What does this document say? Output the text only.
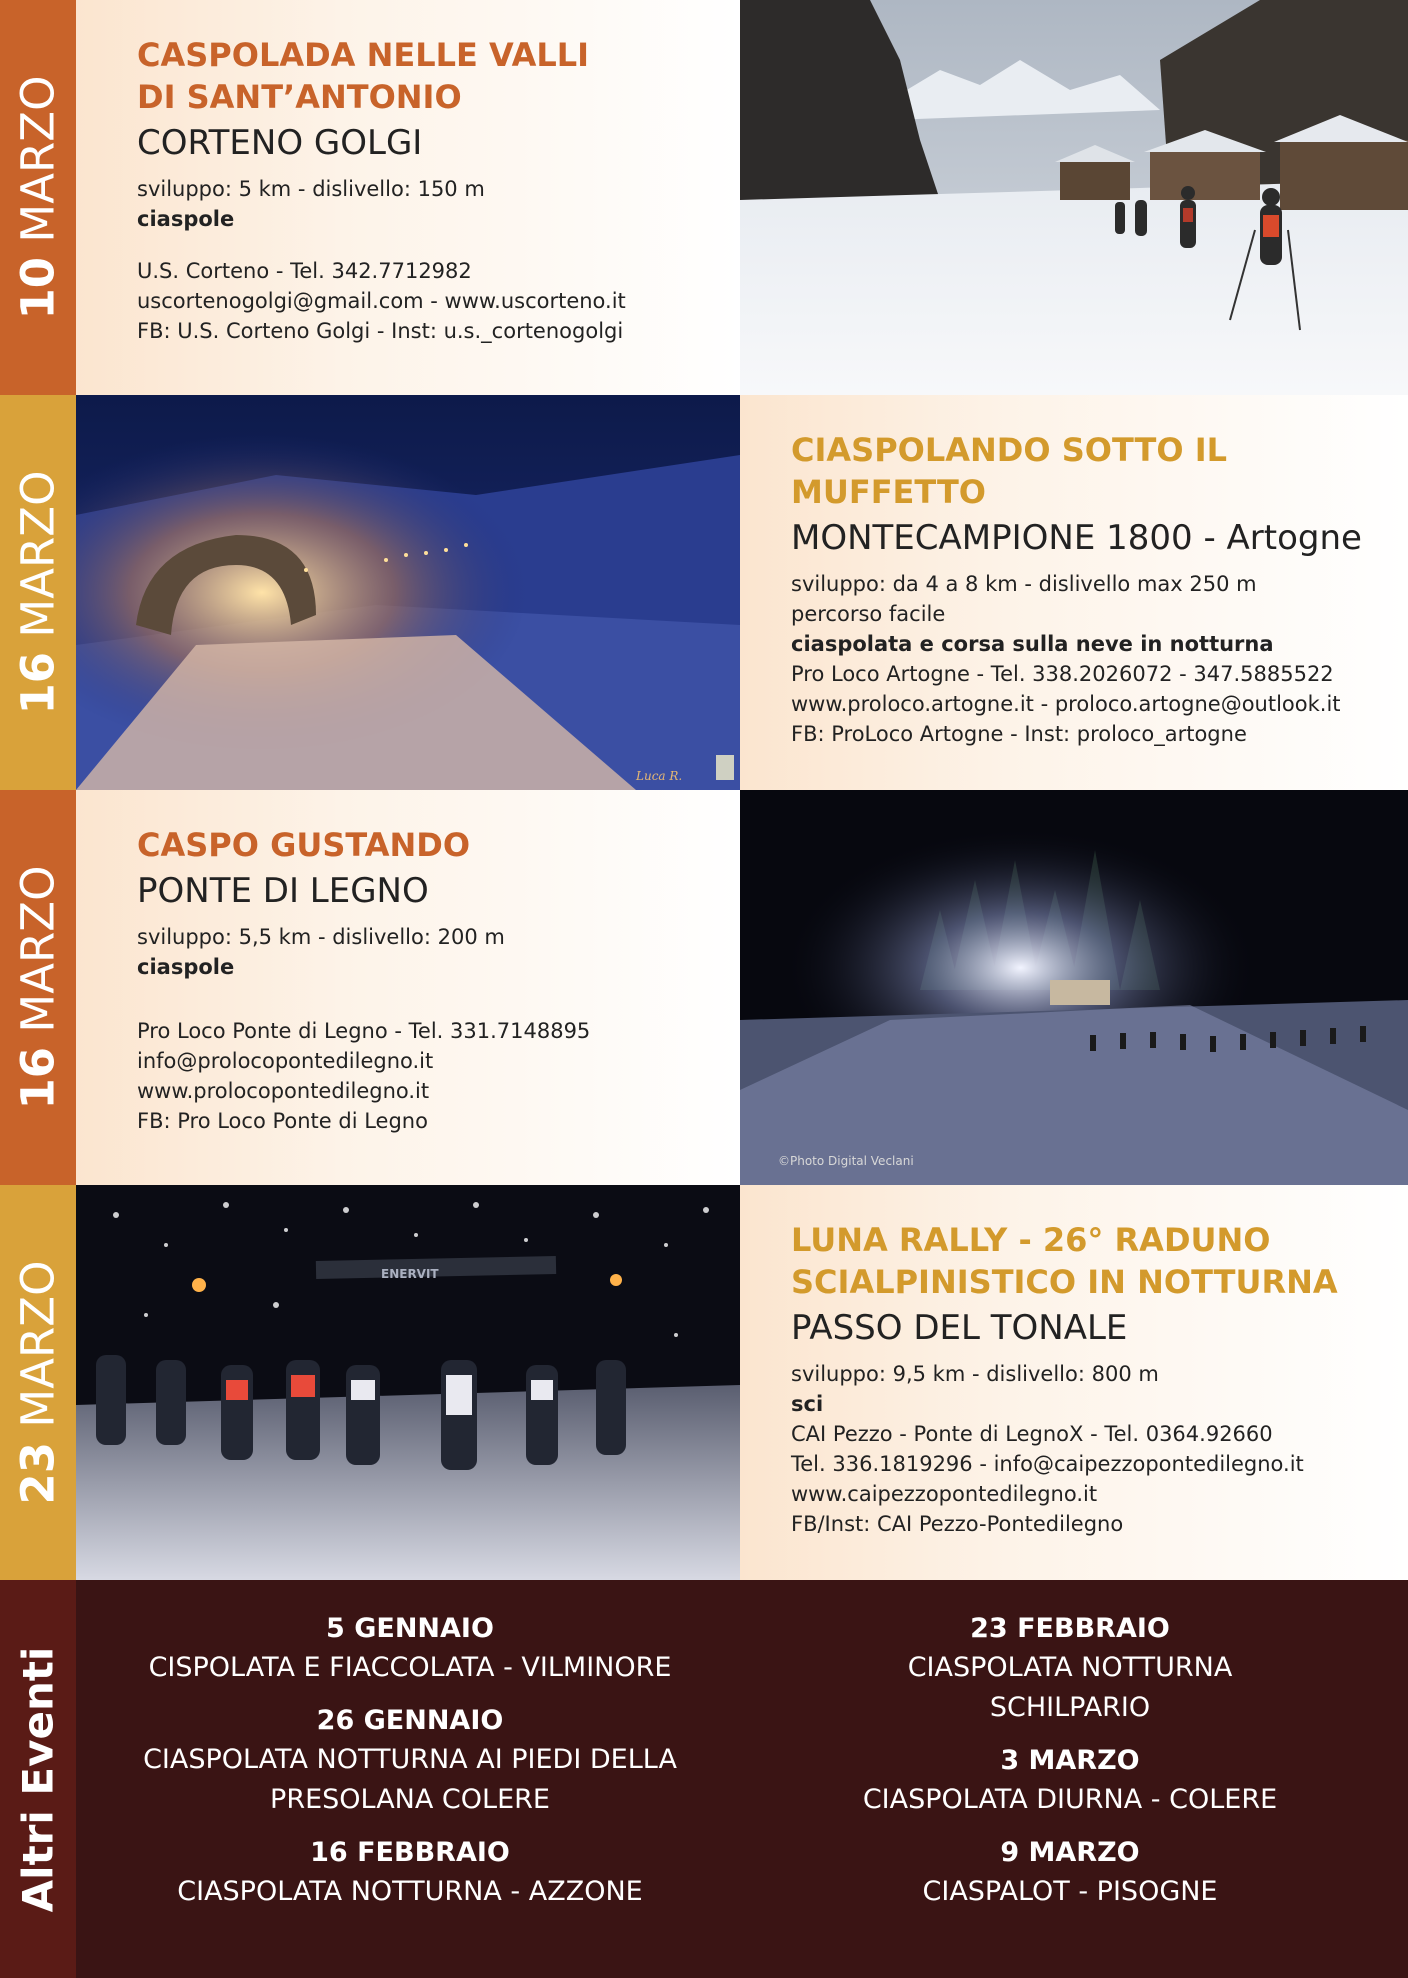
10 MARZO
CASPOLADA NELLE VALLI
DI SANT’ANTONIO
CORTENO GOLGI
sviluppo: 5 km - dislivello: 150 m
ciaspole
U.S. Corteno - Tel. 342.7712982
uscortenogolgi@gmail.com - www.uscorteno.it
FB: U.S. Corteno Golgi - Inst: u.s._cortenogolgi
16 MARZO
Luca R.
CIASPOLANDO SOTTO IL
MUFFETTO
MONTECAMPIONE 1800 - Artogne
sviluppo: da 4 a 8 km - dislivello max 250 m
percorso facile
ciaspolata e corsa sulla neve in notturna
Pro Loco Artogne - Tel. 338.2026072 - 347.5885522
www.proloco.artogne.it - proloco.artogne@outlook.it
FB: ProLoco Artogne - Inst: proloco_artogne
16 MARZO
CASPO GUSTANDO
PONTE DI LEGNO
sviluppo: 5,5 km - dislivello: 200 m
ciaspole
Pro Loco Ponte di Legno - Tel. 331.7148895
info@prolocopontedilegno.it
www.prolocopontedilegno.it
FB: Pro Loco Ponte di Legno
©Photo Digital Veclani
23 MARZO	ENERVIT
LUNA RALLY - 26° RADUNO
SCIALPINISTICO IN NOTTURNA
PASSO DEL TONALE
sviluppo: 9,5 km - dislivello: 800 m
sci
CAI Pezzo - Ponte di LegnoX - Tel. 0364.92660
Tel. 336.1819296 - info@caipezzopontedilegno.it
www.caipezzopontedilegno.it
FB/Inst: CAI Pezzo-Pontedilegno
Altri Eventi
5 GENNAIO
CISPOLATA E FIACCOLATA - VILMINORE
26 GENNAIO
CIASPOLATA NOTTURNA AI PIEDI DELLA
PRESOLANA COLERE
16 FEBBRAIO
CIASPOLATA NOTTURNA - AZZONE
23 FEBBRAIO
CIASPOLATA NOTTURNA
SCHILPARIO
3 MARZO
CIASPOLATA DIURNA - COLERE
9 MARZO
CIASPALOT - PISOGNE
